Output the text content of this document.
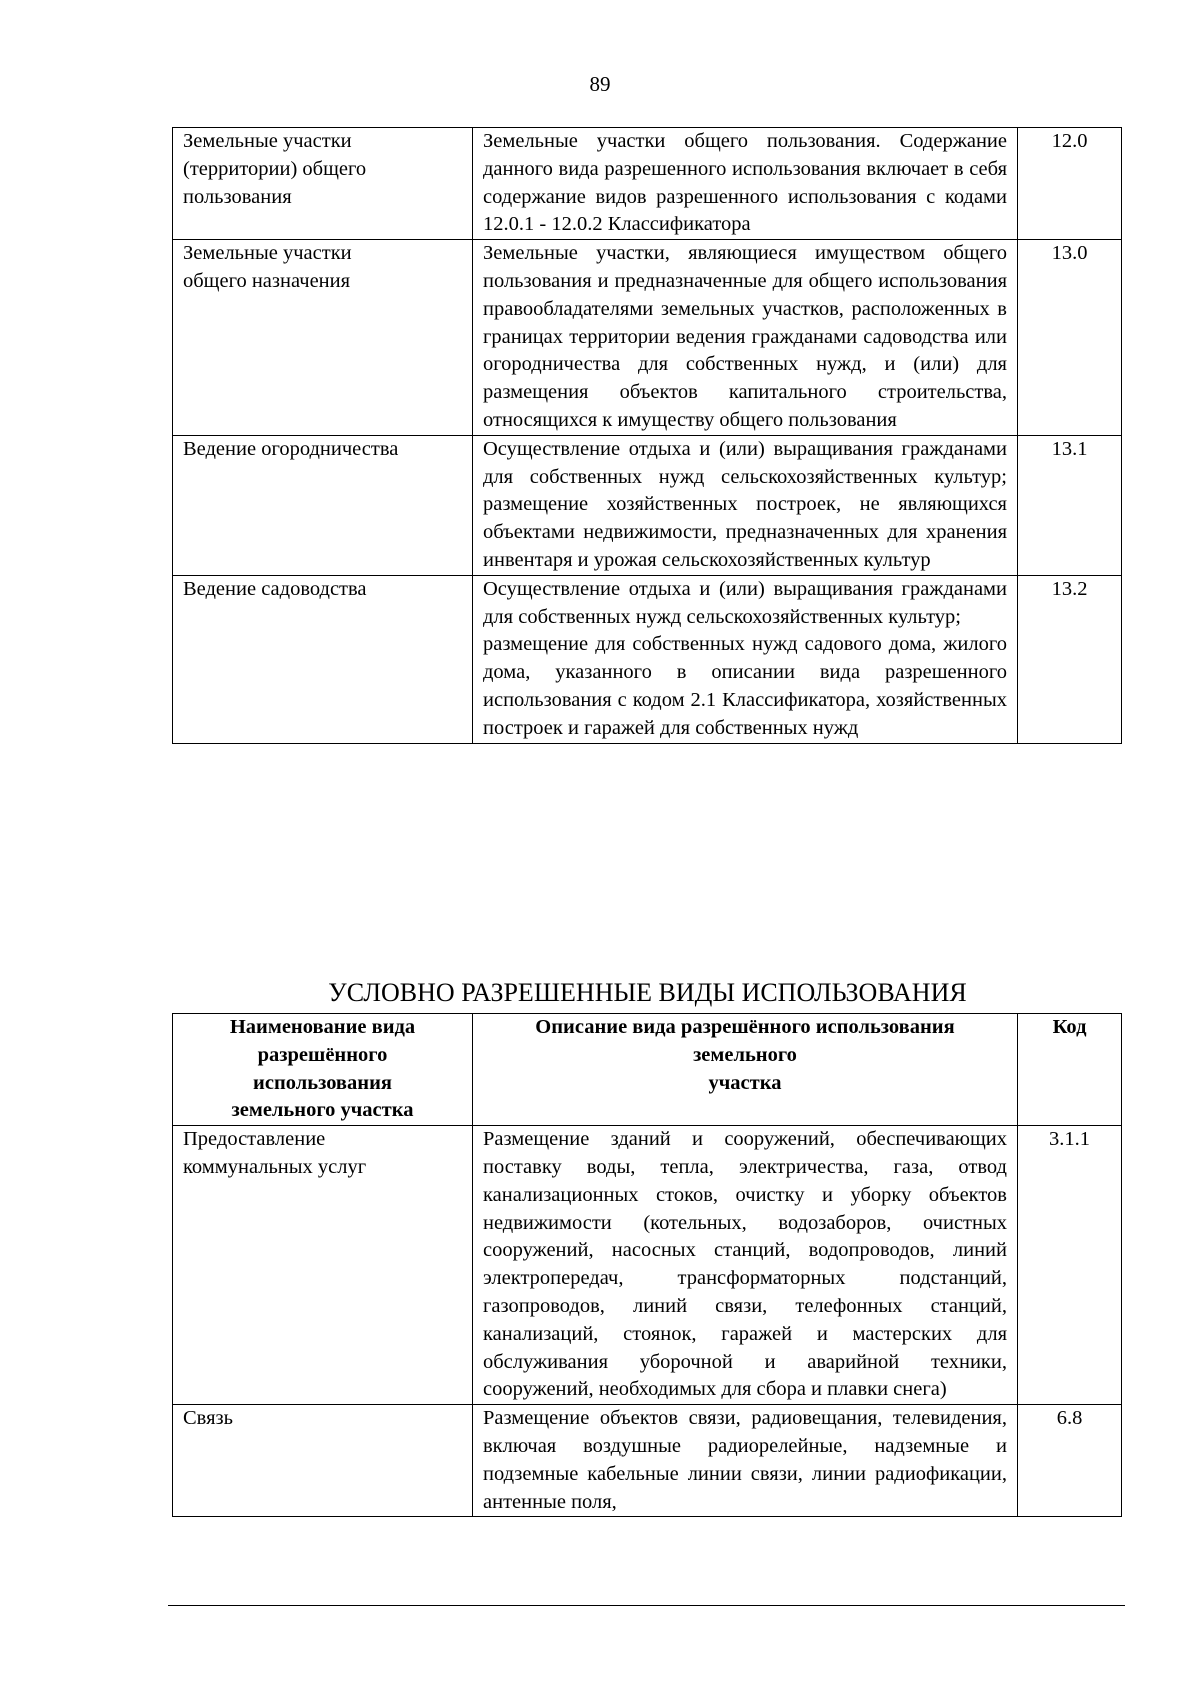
89
Земельные участки
(территории) общего
пользования	Земельные участки общего пользования. Содержание данного вида разрешенного использования включает в себя содержание видов разрешенного использования с кодами 12.0.1 - 12.0.2 Классификатора	12.0

Земельные участки
общего назначения	Земельные участки, являющиеся имуществом общего пользования и предназначенные для общего использования правообладателями земельных участков, расположенных в границах территории ведения гражданами садоводства или огородничества для собственных нужд, и (или) для размещения объектов капитального строительства, относящихся к имуществу общего пользования	13.0

Ведение огородничества	Осуществление отдыха и (или) выращивания гражданами для собственных нужд сельскохозяйственных культур; размещение хозяйственных построек, не являющихся объектами недвижимости, предназначенных для хранения инвентаря и урожая сельскохозяйственных культур	13.1

Ведение садоводства	Осуществление отдыха и (или) выращивания гражданами для собственных нужд сельскохозяйственных культур;
размещение для собственных нужд садового дома, жилого дома, указанного в описании вида разрешенного использования с кодом 2.1 Классификатора, хозяйственных построек и гаражей для собственных нужд	13.2
УСЛОВНО РАЗРЕШЕННЫЕ ВИДЫ ИСПОЛЬЗОВАНИЯ
Наименование вида
разрешённого
использования
земельного участка	Описание вида разрешённого использования
земельного
участка	Код

Предоставление
коммунальных услуг	Размещение зданий и сооружений, обеспечивающих поставку воды, тепла, электричества, газа, отвод канализационных стоков, очистку и уборку объектов недвижимости (котельных, водозаборов, очистных сооружений, насосных станций, водопроводов, линий электропередач, трансформаторных подстанций, газопроводов, линий связи, телефонных станций, канализаций, стоянок, гаражей и мастерских для обслуживания уборочной и аварийной техники, сооружений, необходимых для сбора и плавки снега)	3.1.1

Связь	Размещение объектов связи, радиовещания, телевидения, включая воздушные радиорелейные, надземные и подземные кабельные линии связи, линии радиофикации, антенные поля,	6.8
